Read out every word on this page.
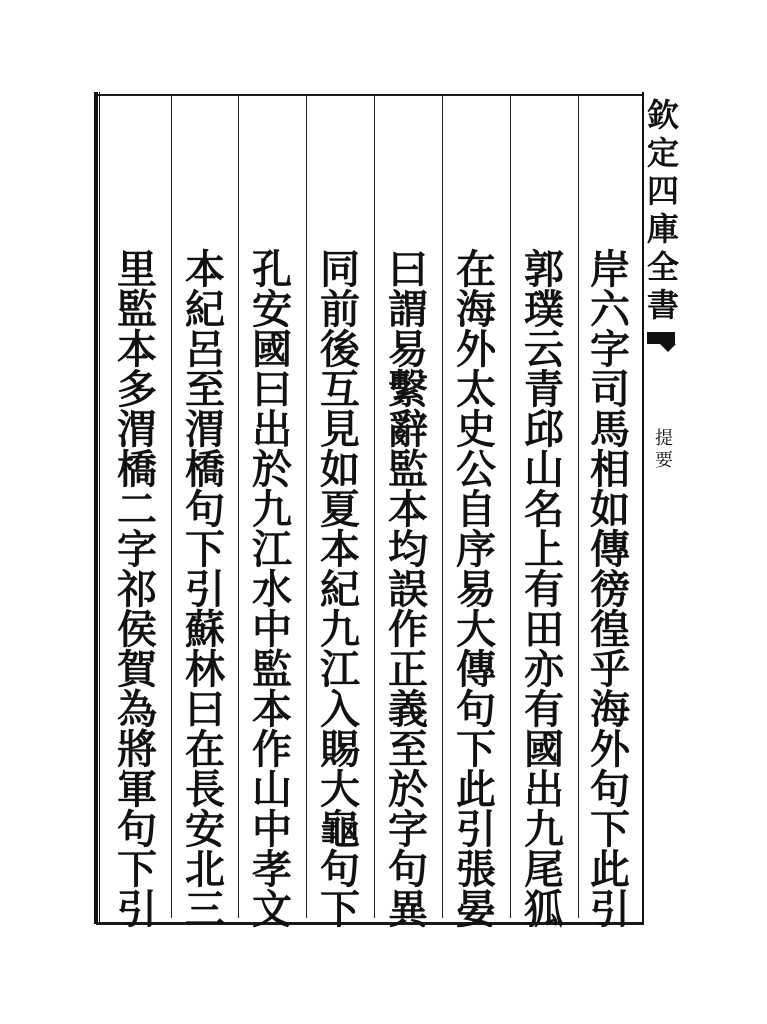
岸
六
字
司
馬
相
如
傳
徬
徨
乎
海
外
句
下
此
引
郭
璞
云
青
邱
山
名
上
有
田
亦
有
國
出
九
尾
狐
在
海
外
太
史
公
自
序
易
大
傳
句
下
此
引
張
晏
曰
謂
易
繫
辭
監
本
均
誤
作
正
義
至
於
字
句
異
同
前
後
互
見
如
夏
本
紀
九
江
入
賜
大
龜
句
下
孔
安
國
曰
出
於
九
江
水
中
監
本
作
山
中
孝
文
本
紀
呂
至
渭
橋
句
下
引
蘇
林
曰
在
長
安
北
三
里
監
本
多
渭
橋
二
字
祁
侯
賀
為
將
軍
句
下
引
欽
定
四
庫
全
書
提
要
